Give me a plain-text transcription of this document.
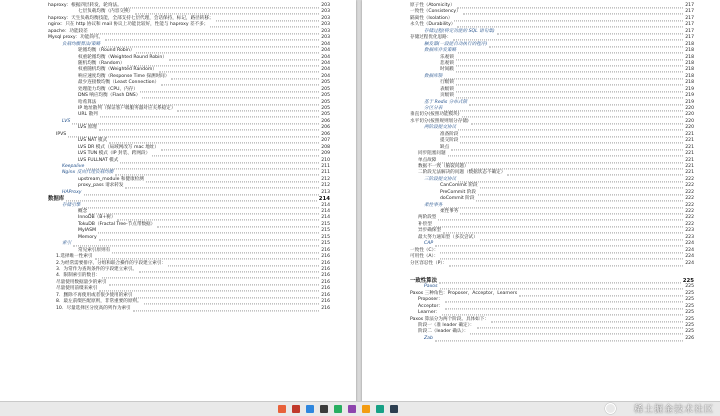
haproxy：根据四层转发，轮询法。	203
七层负载均衡（内容交换）	203
haproxy：天生负载均衡技能，全部支持七层代理，会话保持，标记，路径转移；	203
nginx：只在 http 协议和 mail 协议上功能比较好，性能与 haproxy 差不多；	203
apache：功能较差	203
Mysql proxy：功能尚可。	203
负载均衡算法/策略	204
轮循均衡（Round Robin）	204
权重轮循均衡（Weighted Round Robin）	204
随机均衡（Random）	204
权重随机均衡（Weighted Random）	204
响应速度均衡（Response Time 探测时间）	204
最少连接数均衡（Least Connection）	205
处理能力均衡（CPU、内存）	205
DNS 响应均衡（Flash DNS）	205
哈希算法	205
IP 地址散列（保证客户端服务器对应关系稳定）	205
URL 散列	205
LVS	206
LVS 原理	206
IPVS	206
LVS NAT 模式	207
LVS DR 模式（局域网改写 mac 地址）	208
LVS TUN 模式（IP 封装、跨网段）	209
LVS FULLNAT 模式	210
Keepalive	211
Nginx 反向代理负载均衡	211
upstream_module 和健康检测	212
proxy_pass 请求转发	212
HAProxy	213
数据库	214
存储引擎	214
概念	214
InnoDB（B+树）	214
TokuDB（Fractal Tree-节点带数据）	215
MyIASM	215
Memory	215
索引	215
常见索引原则有	216
1.选择唯一性索引	216
2.为经常需要排序、分组和联合操作的字段建立索引：	216
3．为常作为查询条件的字段建立索引。	216
4．限制索引的数目：	216
尽量使用数据量少的索引	216
尽量使用前缀来索引	216
7．删除不再使用或者很少使用的索引	216
8．最左前缀匹配原则，非常重要的原则。	216
10．尽量选择区分度高的列作为索引	216
原子性（Atomicity）	217
一致性（Consistency）	217
隔离性（Isolation）	217
永久性（Durability）	217
存储过程(特定功能的 SQL 语句集)	217
存储过程优化思路：	217
触发器(一段能自动执行的程序)	218
数据库并发策略	218
乐观锁	218
悲观锁	218
时间戳	218
数据库锁	218
行级锁	218
表级锁	219
页级锁	219
基于 Redis 分布式锁	219
分区分表	220
垂直切分(按照功能模块)	220
水平切分(按照规则划分存储)	220
两阶段提交协议	220
准备阶段	221
提交阶段	221
缺点	221
同步阻塞问题	221
单点故障	221
数据不一致（脑裂问题）	221
二阶段无法解决的问题（数据状态不确定）	221
三阶段提交协议	222
CanCommit 阶段	222
PreCommit 阶段	222
doCommit 阶段	222
柔性事务	222
柔性事务	222
两阶段型	222
补偿型	222
异步确保型	223
最大努力通知型（多次尝试）	223
CAP	224
一致性（C）：	224
可用性（A）：	224
分区容忍性（P）：	224
一致性算法	225
Paxos	225
Paxos 三种角色：Proposer，Acceptor，Learners	225
Proposer：	225
Acceptor：	225
Learner：	225
Paxos 算法分为两个阶段。具体如下：	225
阶段一（准 leader 确定）：	225
阶段二（leader 确认）：	225
Zab	226
稀土掘金技术社区
